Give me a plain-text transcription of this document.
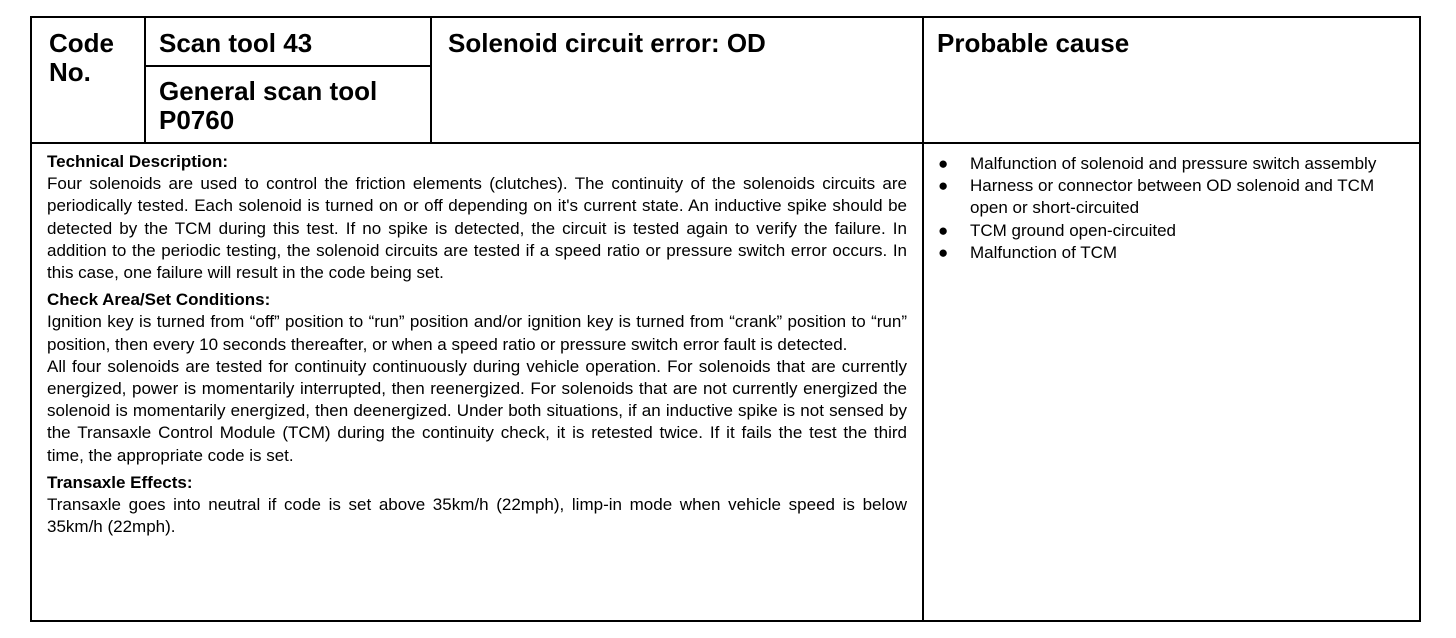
Code
No.
Scan tool 43
General scan tool
P0760
Solenoid circuit error: OD	Probable cause

Technical Description:

Four solenoids are used to control the friction elements (clutches). The continuity of the solenoids circuits are periodically tested. Each solenoid is turned on or off depending on it's current state. An inductive spike should be detected by the TCM during this test. If no spike is detected, the circuit is tested again to verify the failure. In addition to the periodic testing, the solenoid circuits are tested if a speed ratio or pressure switch error occurs. In this case, one failure will result in the code being set.

Check Area/Set Conditions:

Ignition key is turned from “off” position to “run” position and/or ignition key is turned from “crank” position to “run” position, then every 10 seconds thereafter, or when a speed ratio or pressure switch error fault is detected.

All four solenoids are tested for continuity continuously during vehicle operation. For solenoids that are currently energized, power is momentarily interrupted, then reenergized. For solenoids that are not currently energized the solenoid is momentarily energized, then deenergized. Under both situations, if an inductive spike is not sensed by the Transaxle Control Module (TCM) during the continuity check, it is retested twice. If it fails the test the third time, the appropriate code is set.

Transaxle Effects:

Transaxle goes into neutral if code is set above 35km/h (22mph), limp-in mode when vehicle speed is below 35km/h (22mph).

● Malfunction of solenoid and pressure switch assembly
● Harness or connector between OD solenoid and TCM open or short-circuited
● TCM ground open-circuited
● Malfunction of TCM
